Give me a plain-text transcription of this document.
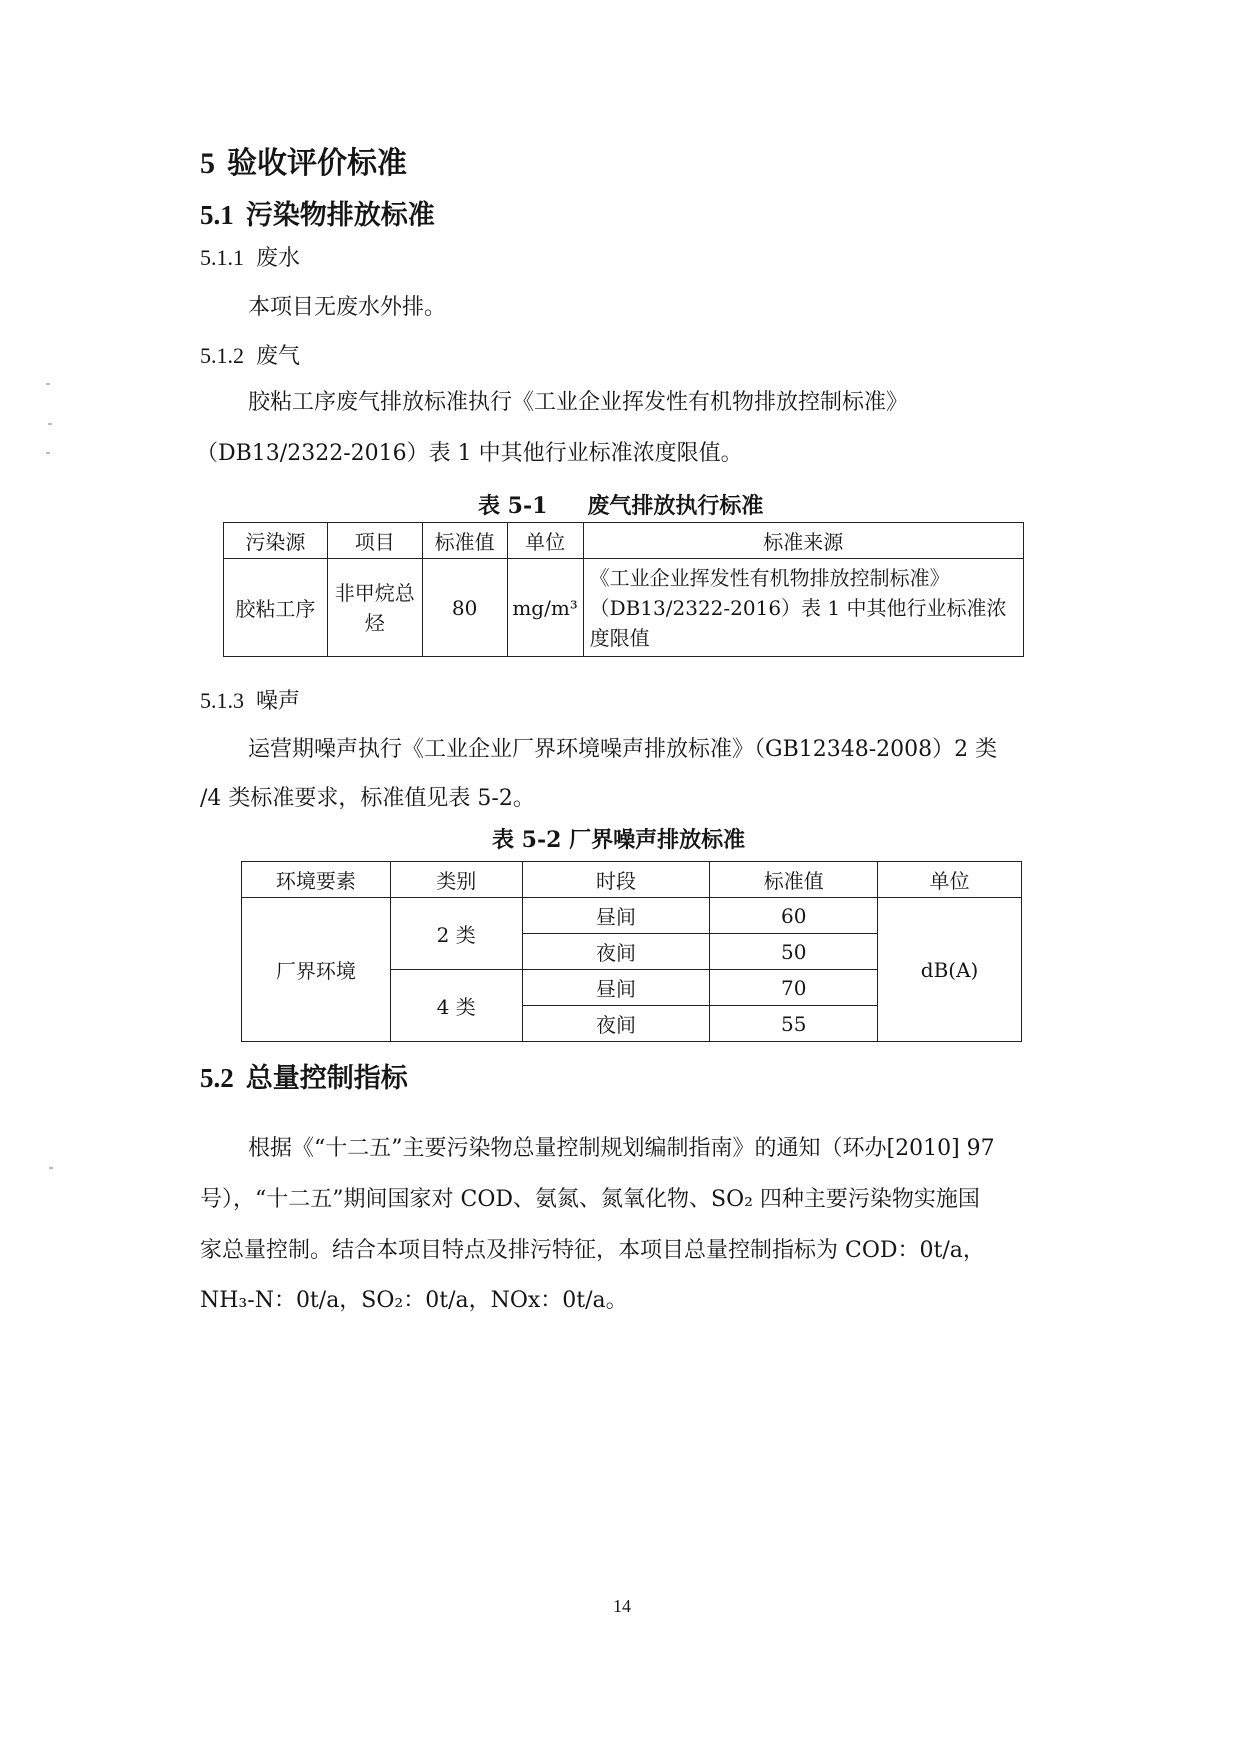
5 验收评价标准
5.1 污染物排放标准
5.1.1 废水
本项目无废水外排。
5.1.2 废气
胶粘工序废气排放标准执行《工业企业挥发性有机物排放控制标准》
（DB13/2322-2016）表 1 中其他行业标准浓度限值。
表 5-1 废气排放执行标准
污染源	项目	标准值	单位	标准来源
胶粘工序	非甲烷总烃	80	mg/m³	《工业企业挥发性有机物排放控制标准》（DB13/2322-2016）表 1 中其他行业标准浓度限值
5.1.3 噪声
运营期噪声执行《工业企业厂界环境噪声排放标准》（GB12348-2008）2 类
/4 类标准要求，标准值见表 5-2。
表 5-2 厂界噪声排放标准
环境要素	类别	时段	标准值	单位
厂界环境	2 类	昼间	60	dB(A)
		夜间	50	
	4 类	昼间	70	
		夜间	55	
5.2 总量控制指标
根据《“十二五”主要污染物总量控制规划编制指南》的通知（环办[2010] 97
号），“十二五”期间国家对 COD、氨氮、氮氧化物、SO₂ 四种主要污染物实施国
家总量控制。结合本项目特点及排污特征，本项目总量控制指标为 COD：0t/a，
NH₃-N：0t/a，SO₂：0t/a，NOx：0t/a。
14
